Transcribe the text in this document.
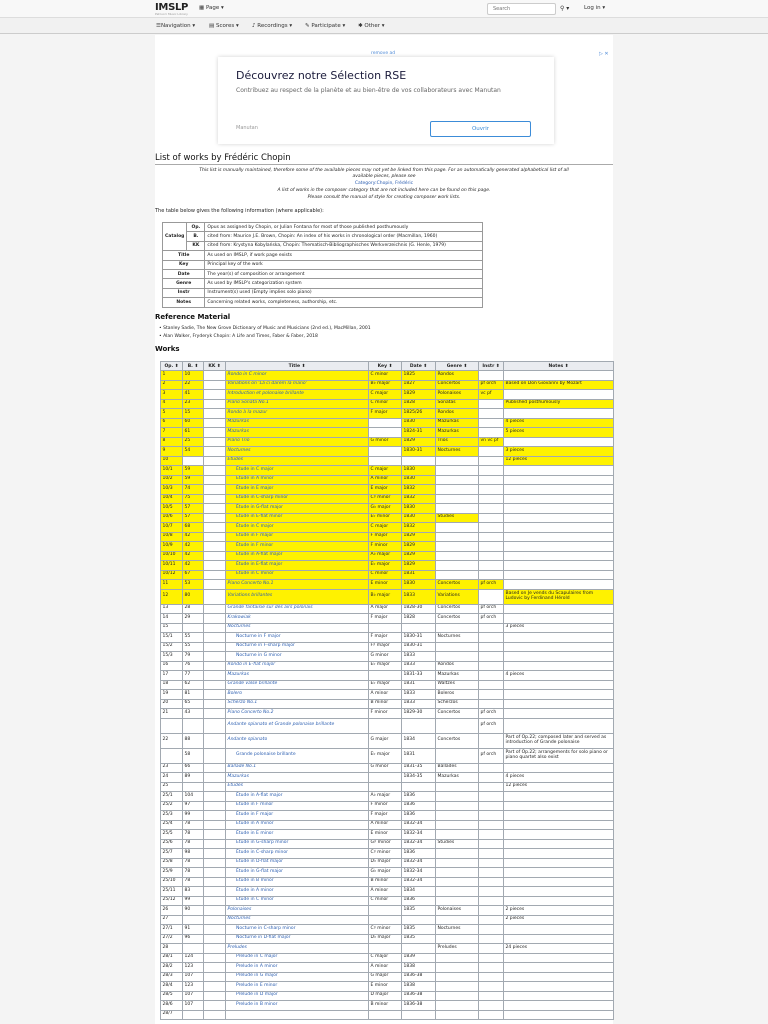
IMSLP
Petrucci Music Library
▦ Page ▾
Search	⚲ ▾	Log in ▾
☰Navigation ▾	▤ Scores ▾ ♪ Recordings ▾ ✎ Participate ▾ ✱ Other ▾
remove ad	▷ ✕
Découvrez notre Sélection RSE
Contribuez au respect de la planète et au bien-être de vos collaborateurs avec Manutan
Manutan	Ouvrir
List of works by Frédéric Chopin
This list is manually maintained, therefore some of the available pieces may not yet be linked from this page. For an automatically generated alphabetical list of all
available pieces, please see
Category:Chopin, Frédéric
A list of works in the composer category that are not included here can be found on this page.
Please consult the manual of style for creating composer work lists.
The table below gives the following information (where applicable):
Catalog	Op.	Opus as assigned by Chopin, or Julian Fontana for most of those published posthumously
	B.	cited from: Maurice J.E. Brown, Chopin: An index of his works in chronological order (Macmillan, 1960)
	KK	cited from: Krystyna Kobylańska, Chopin: Thematisch-Bibliographisches Werkverzeichnis (G. Henle, 1979)
Title		As used on IMSLP, if work page exists
Key		Principal key of the work
Date		The year(s) of composition or arrangement
Genre		As used by IMSLP's categorization system
Instr		Instrument(s) used (Empty implies solo piano)
Notes		Concerning related works, completeness, authorship, etc.
Reference Material
• Stanley Sadie, The New Grove Dictionary of Music and Musicians (2nd ed.), MacMillan, 2001
• Alan Walker, Fryderyk Chopin: A Life and Times, Faber & Faber, 2018
Works
Op. ⬍	B. ⬍	KK ⬍	Title ⬍	Key ⬍	Date ⬍	Genre ⬍	Instr ⬍	Notes ⬍
1	10		Rondo in C minor	C minor	1825	Rondos		
2	22		Variations on 'Là ci darem la mano'	B♭ major	1827	Concertos	pf orch	Based on Don Giovanni by Mozart
3	41		Introduction et polonaise brillante	C major	1829	Polonaises	vc pf	
4	23		Piano Sonata No.1	C minor	1828	Sonatas		Published posthumously
5	15		Rondo à la mazur	F major	1825/26	Rondos		
6	60		Mazurkas		1830	Mazurkas		4 pieces
7	61		Mazurkas		1824-31	Mazurkas		5 pieces
8	25		Piano Trio	G minor	1829	Trios	vn vc pf	
9	54		Nocturnes		1830-31	Nocturnes		3 pieces
10			Études					12 pieces
10/1	59		Étude in C major	C major	1830			
10/2	59		Étude in A minor	A minor	1830			
10/3	74		Étude in E major	E major	1832			
10/4	75		Étude in C-sharp minor	C♯ minor	1832			
10/5	57		Étude in G-flat major	G♭ major	1830			
10/6	57		Étude in E-flat minor	E♭ minor	1830	Studies		
10/7	68		Étude in C major	C major	1832			
10/8	42		Étude in F major	F major	1829			
10/9	42		Étude in F minor	F minor	1829			
10/10	42		Étude in A-flat major	A♭ major	1829			
10/11	42		Étude in E-flat major	E♭ major	1829			
10/12	67		Étude in C minor	C minor	1831			
11	53		Piano Concerto No.1	E minor	1830	Concertos	pf orch	
12	80		Variations brillantes	B♭ major	1833	Variations		Based on Je vends du Scapulaires from Ludovic by Ferdinand Hérold
13	28		Grande fantaisie sur des airs polonais	A major	1828-30	Concertos	pf orch	
14	29		Krakowiak	F major	1828	Concertos	pf orch	
15			Nocturnes					3 pieces
15/1	55		Nocturne in F major	F major	1830-31	Nocturnes		
15/2	55		Nocturne in F-sharp major	F♯ major	1830-31			
15/3	79		Nocturne in G minor	G minor	1833			
16	76		Rondo in E-flat major	E♭ major	1833	Rondos		
17	77		Mazurkas		1831-33	Mazurkas		4 pieces
18	62		Grande valse brillante	E♭ major	1831	Waltzes		
19	81		Bolero	A minor	1833	Boleros		
20	65		Scherzo No.1	B minor	1833	Scherzos		
21	43		Piano Concerto No.2	F minor	1829-30	Concertos	pf orch	
			Andante spianato et Grande polonaise brillante				pf orch	
22	88		Andante spianato	G major	1834	Concertos		Part of Op.22; composed later and served as introduction of Grande polonaise
	58		Grande polonaise brillante	E♭ major	1831		pf orch	Part of Op.22; arrangements for solo piano or piano quartet also exist
23	66		Ballade No.1	G minor	1831-35	Ballades		
24	89		Mazurkas		1834-35	Mazurkas		4 pieces
25			Études					12 pieces
25/1	104		Étude in A-flat major	A♭ major	1836			
25/2	97		Étude in F minor	F minor	1836			
25/3	99		Étude in F major	F major	1836			
25/4	78		Étude in A minor	A minor	1832-34			
25/5	78		Étude in E minor	E minor	1832-34			
25/6	78		Étude in G-sharp minor	G♯ minor	1832-34	Studies		
25/7	98		Étude in C-sharp minor	C♯ minor	1836			
25/8	78		Étude in D-flat major	D♭ major	1832-34			
25/9	78		Étude in G-flat major	G♭ major	1832-34			
25/10	78		Étude in B minor	B minor	1832-34			
25/11	83		Étude in A minor	A minor	1834			
25/12	99		Étude in C minor	C minor	1836			
26	90		Polonaises		1835	Polonaises		2 pieces
27			Nocturnes					2 pieces
27/1	91		Nocturne in C-sharp minor	C♯ minor	1835	Nocturnes		
27/2	96		Nocturne in D-flat major	D♭ major	1835			
28			Preludes			Preludes		24 pieces
28/1	124		Prelude in C major	C major	1839			
28/2	123		Prelude in A minor	A minor	1838			
28/3	107		Prelude in G major	G major	1836-38			
28/4	123		Prelude in E minor	E minor	1838			
28/5	107		Prelude in D major	D major	1836-38			
28/6	107		Prelude in B minor	B minor	1836-38			
28/7								
